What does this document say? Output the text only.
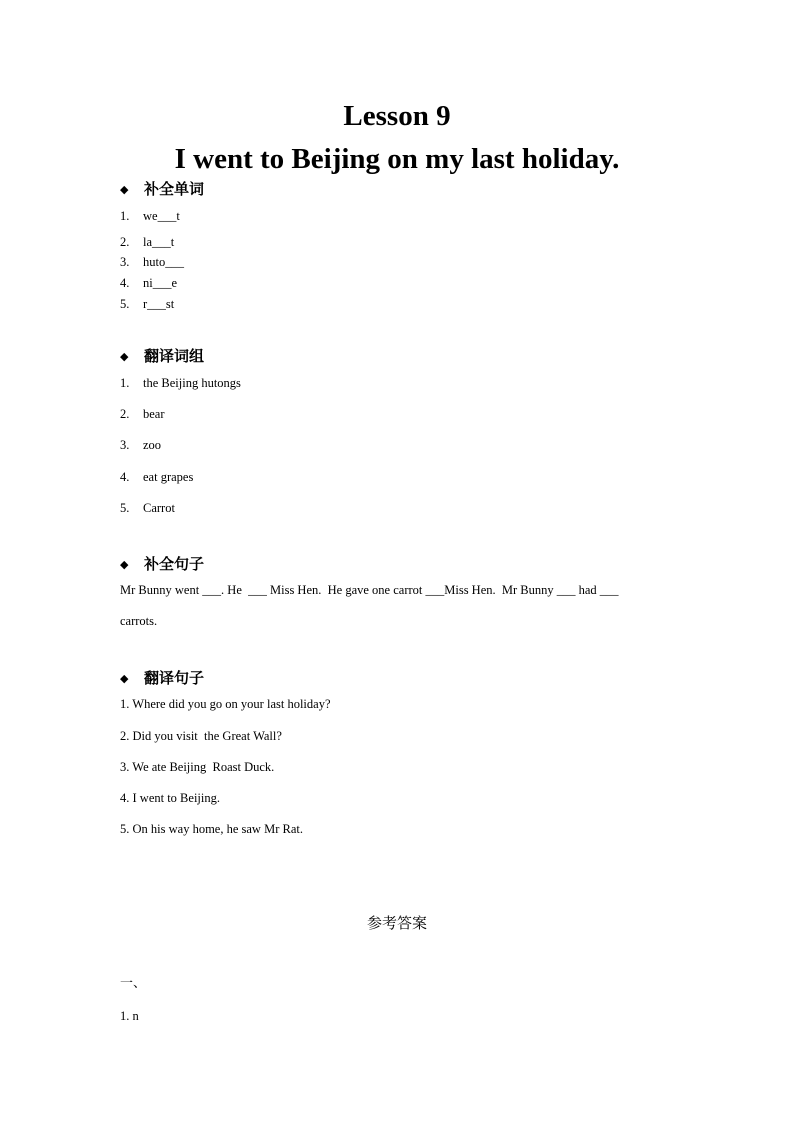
Lesson 9
I went to Beijing on my last holiday.
◆	补全单词
1.	we___t
2.	la___t
3.	huto___
4.	ni___e
5.	r___st
◆	翻译词组
1.	the Beijing hutongs
2.	bear
3.	zoo
4.	eat grapes
5.	Carrot
◆	补全句子
Mr Bunny went ___. He  ___ Miss Hen.  He gave one carrot ___Miss Hen.  Mr Bunny ___ had ___
carrots.
◆	翻译句子
1. Where did you go on your last holiday?
2. Did you visit  the Great Wall?
3. We ate Beijing  Roast Duck.
4. I went to Beijing.
5. On his way home, he saw Mr Rat.
参考答案
一、
1. n
